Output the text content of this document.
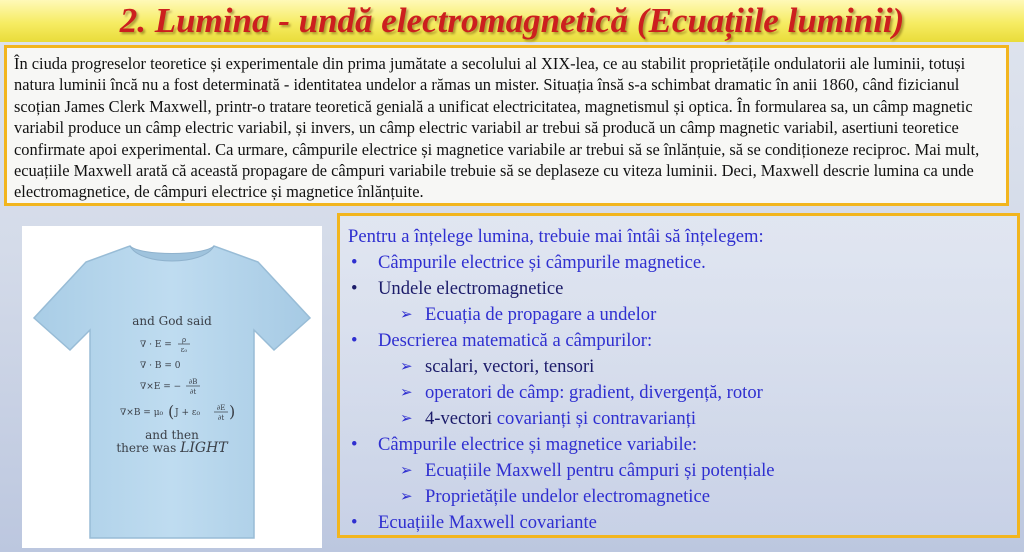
2. Lumina - undă electromagnetică (Ecuațiile luminii)

În ciuda progreselor teoretice și experimentale din prima jumătate a secolului al XIX-lea, ce au stabilit proprietățile ondulatorii ale luminii, totuși natura luminii încă nu a fost determinată - identitatea undelor a rămas un mister. Situația însă s-a schimbat dramatic în anii 1860, când fizicianul scoțian James Clerk Maxwell, printr-o tratare teoretică genială a unificat electricitatea, magnetismul și optica. În formularea sa, un câmp magnetic variabil produce un câmp electric variabil, și invers, un câmp electric variabil ar trebui să producă un câmp magnetic variabil, asertiuni teoretice confirmate apoi experimental. Ca urmare, câmpurile electrice și magnetice variabile ar trebui să se înlănțuie, să se condiționeze reciproc. Mai mult, ecuațiile Maxwell arată că această propagare de câmpuri variabile trebuie să se deplaseze cu viteza luminii. Deci, Maxwell descrie lumina ca unde electromagnetice, de câmpuri electrice și magnetice înlănțuite.

and God said
∇ · E = ρ
ε₀
∇ · B = 0
∇×E = − ∂B
∂t
∇×B = μ₀ ( J + ε₀ ∂E
∂t )
and then
there was LIGHT

Pentru a înțelege lumina, trebuie mai întâi să înțelegem:

• Câmpurile electrice și câmpurile magnetice.
• Undele electromagnetice
➢ Ecuația de propagare a undelor
• Descrierea matematică a câmpurilor:
➢ scalari, vectori, tensori
➢ operatori de câmp: gradient, divergență, rotor
➢ 4-vectori covarianți și contravarianți
• Câmpurile electrice și magnetice variabile:
➢ Ecuațiile Maxwell pentru câmpuri și potențiale
➢ Proprietățile undelor electromagnetice
• Ecuațiile Maxwell covariante
